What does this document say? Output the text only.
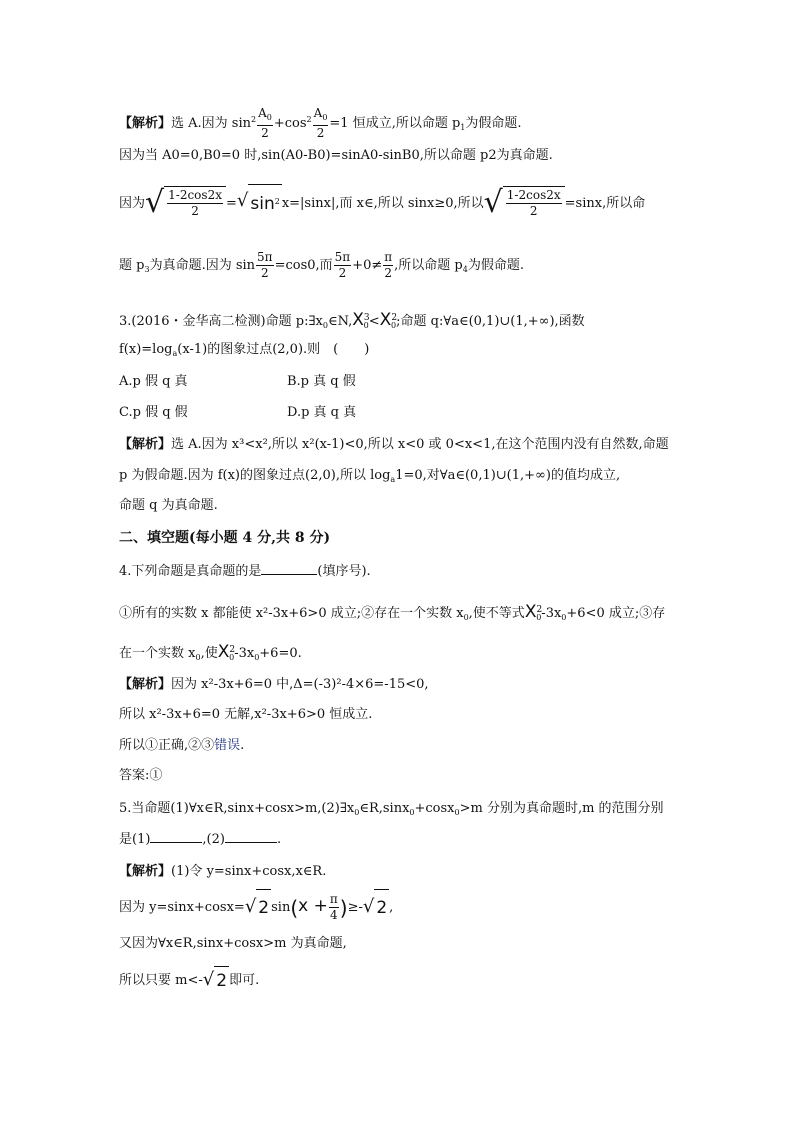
【解析】选 A.因为 $\sin^2 \frac{A_0}{2} +\cos^2 \frac{A_0}{2} =1$ 恒成立,所以命题 $p_1$为假命题.
因为当 A0=0,B0=0 时,sin(A0-B0)=sinA0-sinB0,所以命题 p2为真命题.
因为 √ $\frac{1-2\cos 2x}{2}$ = √ $\sin^2 x=|\sin x|$,而 x∈,所以 sinx≥0,所以 √ $\frac{1-2\cos 2x}{2} =\sin x$,所以命
题 $p_3$为真命题.因为 $\sin \frac{5\pi}{2} =\cos 0$,而 $\frac{5\pi}{2} +0\ne \frac{\pi}{2}$ ,所以命题 $p_4$为假命题.
3.(2016・金华高二检测)命题 $p:\exists x_0\in N,X^3_0<X^2_0$;命题 q:∀a∈(0,1)∪(1,+∞),函数
$f(x)=\log_a(x-1)$的图象过点(2,0).则　(　　)
A.p 假 q 真	B.p 真 q 假
C.p 假 q 假	D.p 真 q 真
【解析】选 A.因为 x³<x²,所以 x²(x-1)<0,所以 x<0 或 0<x<1,在这个范围内没有自然数,命题
p 为假命题.因为 f(x)的图象过点(2,0),所以 $\log_a1=0$,对∀a∈(0,1)∪(1,+∞)的值均成立,
命题 q 为真命题.
二、填空题(每小题 4 分,共 8 分)
4.下列命题是真命题的是	(填序号).
①所有的实数 x 都能使 x²-3x+6>0 成立;②存在一个实数 $x_0$,使不等式$X^2_0-3x_0+6<0$ 成立;③存
在一个实数 $x_0$,使$X^2_0-3x_0+6=0$.
【解析】因为 x²-3x+6=0 中,Δ=(-3)²-4×6=-15<0,
所以 x²-3x+6=0 无解,x²-3x+6>0 恒成立.
所以①正确,②③错误.
答案:①
5.当命题$(1)\forall x\in R,\sin x+\cos x>m,(2)\exists x_0\in R,\sin x_0+\cos x_0>m$ 分别为真命题时,m 的范围分别
是(1)	,(2)	.
【解析】(1)令 y=sinx+cosx,x∈R.
因为 y=sinx+cosx= √ 2 $\sin(x + \frac{\pi}{4}$ )≥- √ 2 ,
又因为∀x∈R,sinx+cosx>m 为真命题,
所以只要 m<- √ 2 即可.
